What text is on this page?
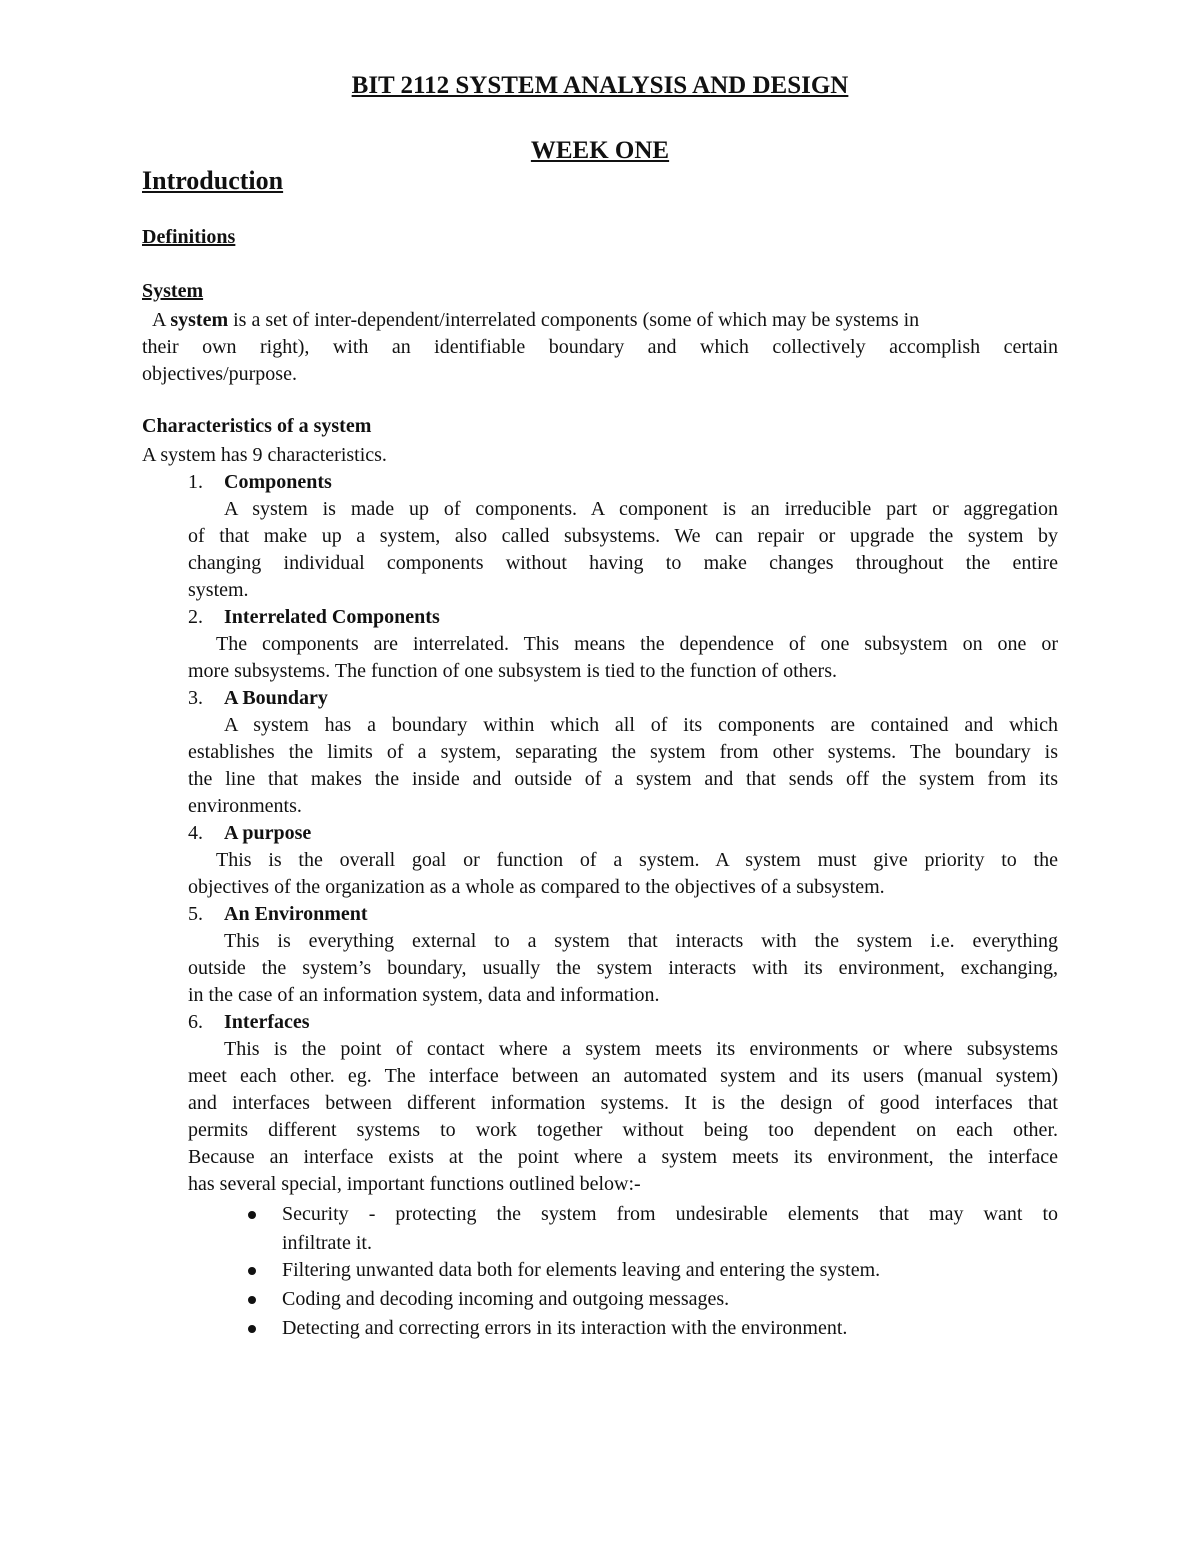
BIT 2112 SYSTEM ANALYSIS AND DESIGN
WEEK ONE
Introduction
Definitions
System
A system is a set of inter-dependent/interrelated components (some of which may be systems in
their own right), with an identifiable boundary and which collectively accomplish certain
objectives/purpose.
Characteristics of a system
A system has 9 characteristics.
1. Components
A system is made up of components. A component is an irreducible part or aggregation
of that make up a system, also called subsystems. We can repair or upgrade the system by
changing individual components without having to make changes throughout the entire
system.
2. Interrelated Components
The components are interrelated. This means the dependence of one subsystem on one or
more subsystems. The function of one subsystem is tied to the function of others.
3. A Boundary
A system has a boundary within which all of its components are contained and which
establishes the limits of a system, separating the system from other systems. The boundary is
the line that makes the inside and outside of a system and that sends off the system from its
environments.
4. A purpose
This is the overall goal or function of a system. A system must give priority to the
objectives of the organization as a whole as compared to the objectives of a subsystem.
5. An Environment
This is everything external to a system that interacts with the system i.e. everything
outside the system’s boundary, usually the system interacts with its environment, exchanging,
in the case of an information system, data and information.
6. Interfaces
This is the point of contact where a system meets its environments or where subsystems
meet each other. eg. The interface between an automated system and its users (manual system)
and interfaces between different information systems. It is the design of good interfaces that
permits different systems to work together without being too dependent on each other.
Because an interface exists at the point where a system meets its environment, the interface
has several special, important functions outlined below:-
Security - protecting the system from undesirable elements that may want to
infiltrate it.
Filtering unwanted data both for elements leaving and entering the system.
Coding and decoding incoming and outgoing messages.
Detecting and correcting errors in its interaction with the environment.
